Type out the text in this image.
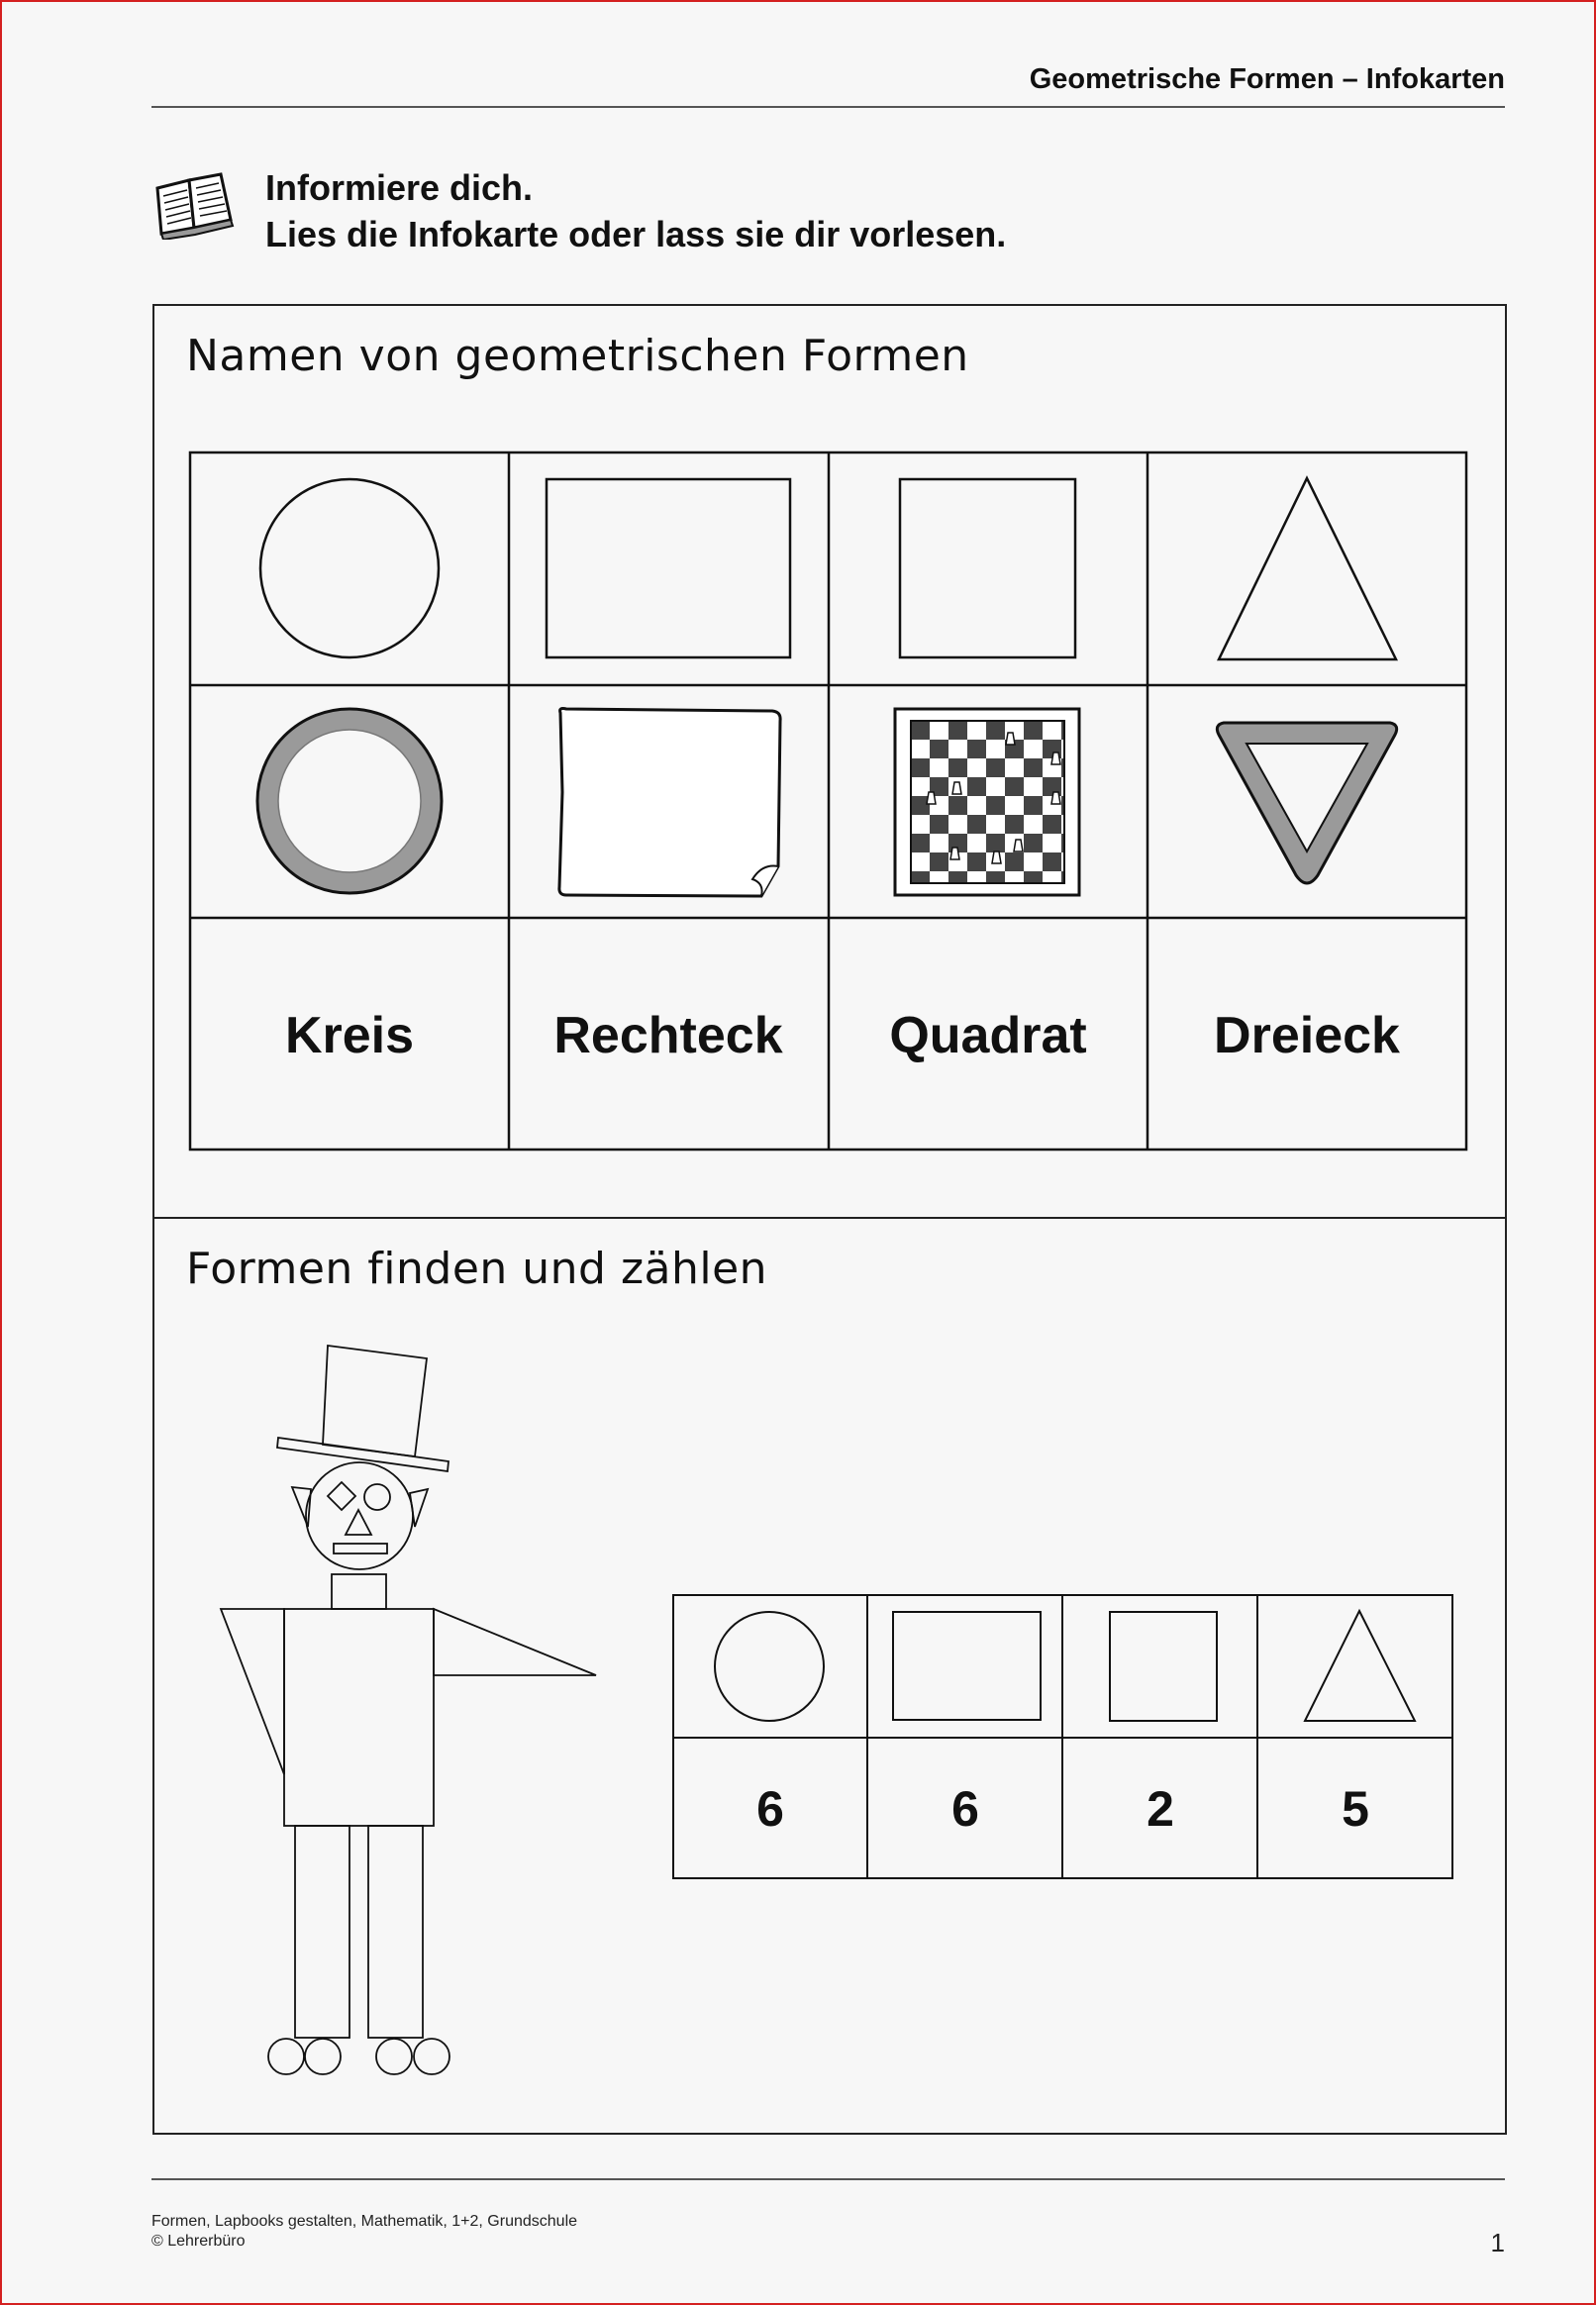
Geometrische Formen – Infokarten
Informiere dich.
Lies die Infokarte oder lass sie dir vorlesen.
Namen von geometrischen Formen
Formen finden und zählen
Kreis	Rechteck	Quadrat	Dreieck
6	6	2	5
Formen, Lapbooks gestalten, Mathematik, 1+2, Grundschule
© Lehrerbüro	1
